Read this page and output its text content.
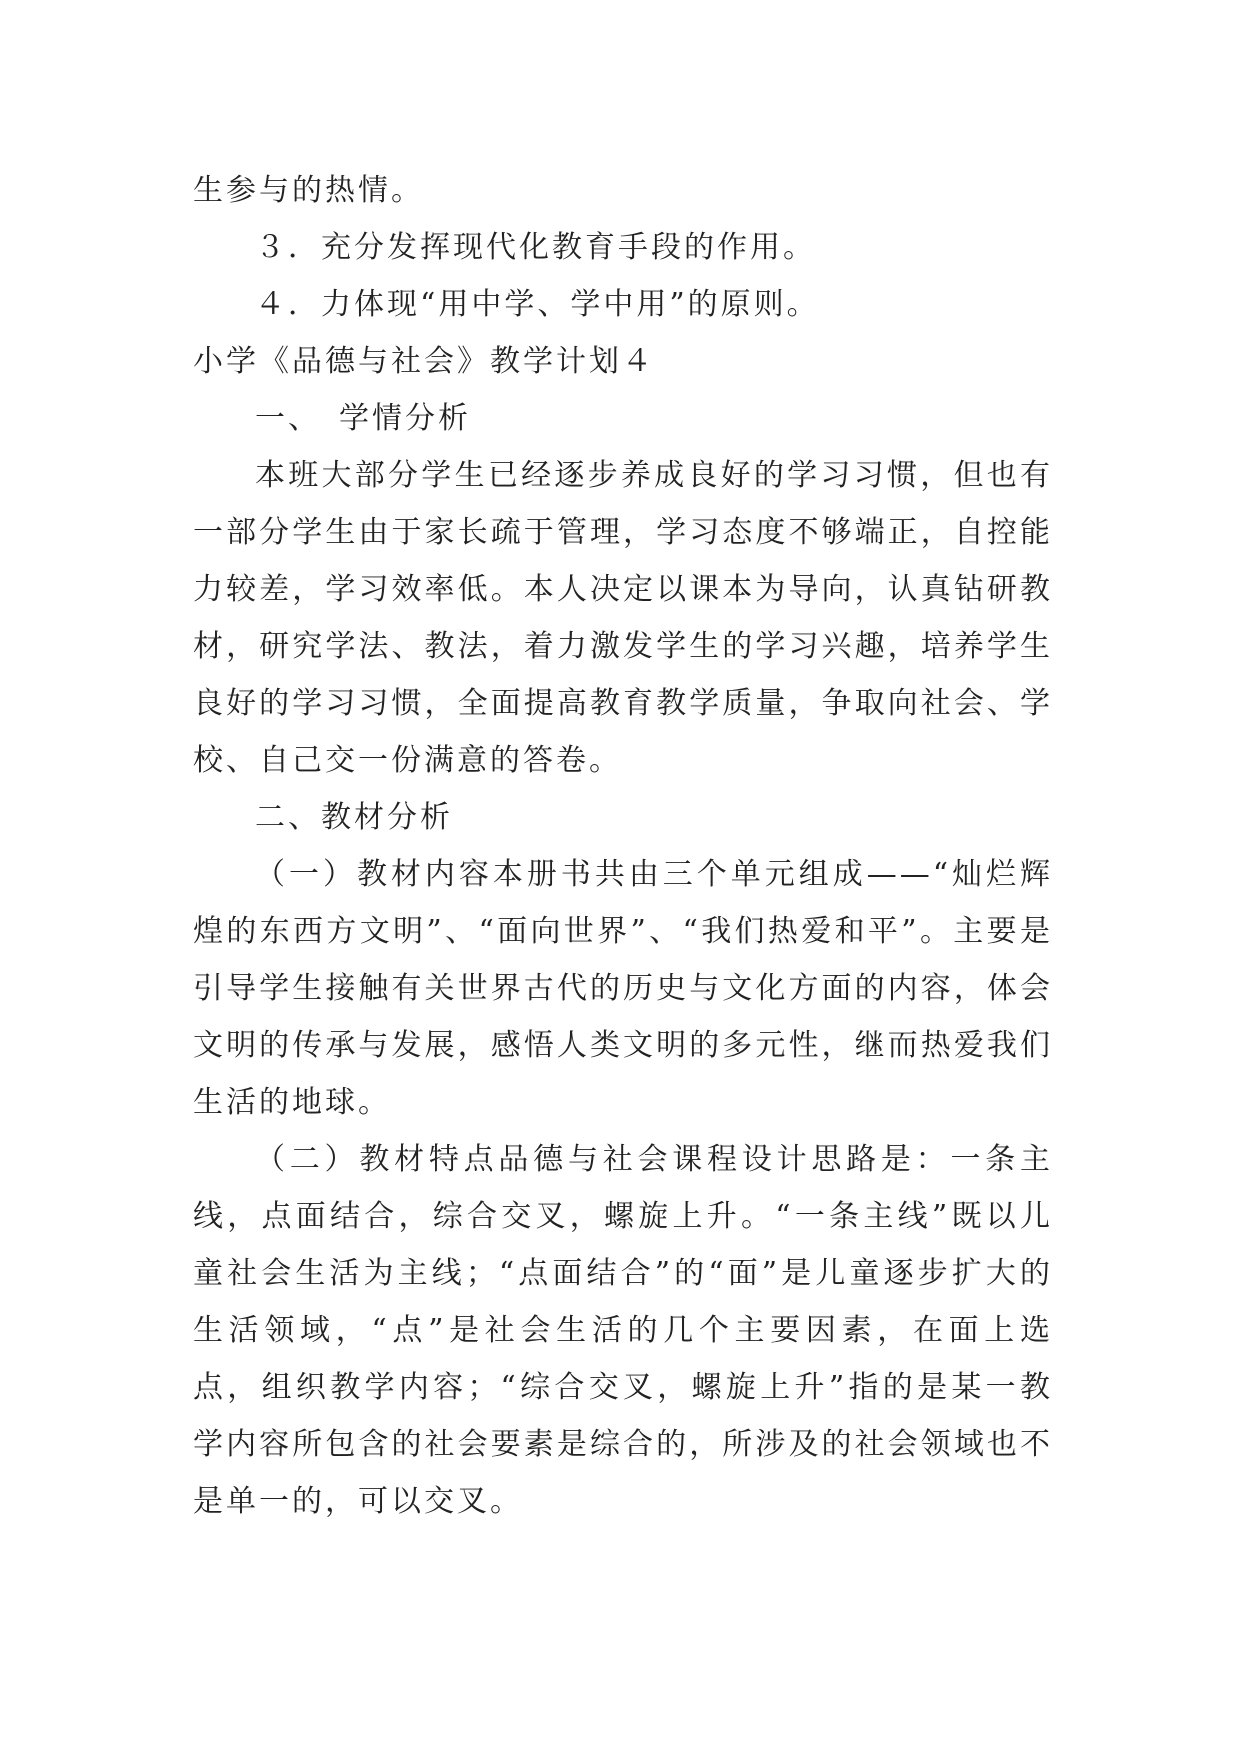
生参与的热情。

３．充分发挥现代化教育手段的作用。

４．力体现“用中学、学中用”的原则。

小学《品德与社会》教学计划４

一、　学情分析

本班大部分学生已经逐步养成良好的学习习惯，但也有一部分学生由于家长疏于管理，学习态度不够端正，自控能力较差，学习效率低。本人决定以课本为导向，认真钻研教材，研究学法、教法，着力激发学生的学习兴趣，培养学生良好的学习习惯，全面提高教育教学质量，争取向社会、学校、自己交一份满意的答卷。

二、教材分析

（一）教材内容本册书共由三个单元组成——“灿烂辉煌的东西方文明”、“面向世界”、“我们热爱和平”。主要是引导学生接触有关世界古代的历史与文化方面的内容，体会文明的传承与发展，感悟人类文明的多元性，继而热爱我们生活的地球。

（二）教材特点品德与社会课程设计思路是：一条主线，点面结合，综合交叉，螺旋上升。“一条主线”既以儿童社会生活为主线；“点面结合”的“面”是儿童逐步扩大的生活领域，“点”是社会生活的几个主要因素，在面上选点，组织教学内容；“综合交叉，螺旋上升”指的是某一教学内容所包含的社会要素是综合的，所涉及的社会领域也不是单一的，可以交叉。
